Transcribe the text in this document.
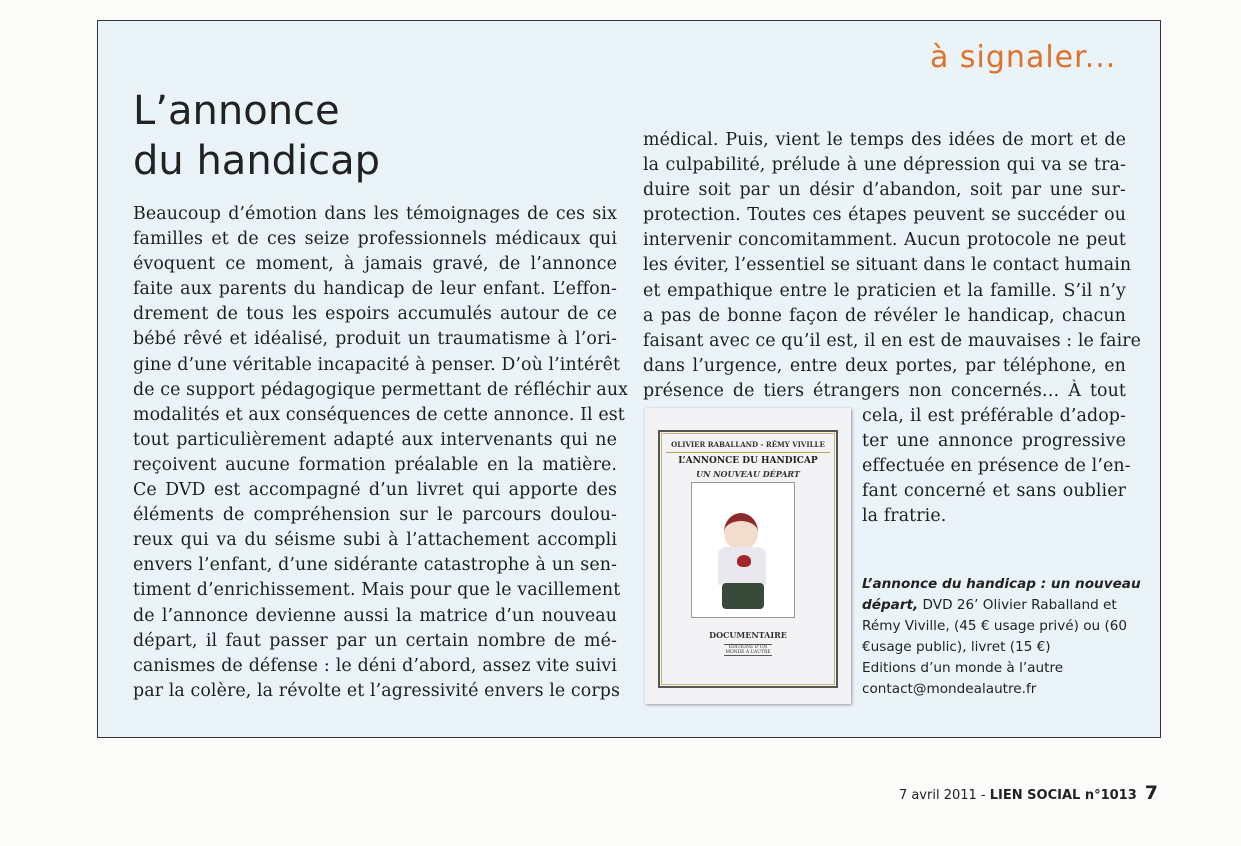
à signaler...
L’annonce
du handicap
Beaucoup d’émotion dans les témoignages de ces six
familles et de ces seize professionnels médicaux qui
évoquent ce moment, à jamais gravé, de l’annonce
faite aux parents du handicap de leur enfant. L’effon-
drement de tous les espoirs accumulés autour de ce
bébé rêvé et idéalisé, produit un traumatisme à l’ori-
gine d’une véritable incapacité à penser. D’où l’intérêt
de ce support pédagogique permettant de réfléchir aux
modalités et aux conséquences de cette annonce. Il est
tout particulièrement adapté aux intervenants qui ne
reçoivent aucune formation préalable en la matière.
Ce DVD est accompagné d’un livret qui apporte des
éléments de compréhension sur le parcours doulou-
reux qui va du séisme subi à l’attachement accompli
envers l’enfant, d’une sidérante catastrophe à un sen-
timent d’enrichissement. Mais pour que le vacillement
de l’annonce devienne aussi la matrice d’un nouveau
départ, il faut passer par un certain nombre de mé-
canismes de défense : le déni d’abord, assez vite suivi
par la colère, la révolte et l’agressivité envers le corps
médical. Puis, vient le temps des idées de mort et de
la culpabilité, prélude à une dépression qui va se tra-
duire soit par un désir d’abandon, soit par une sur-
protection. Toutes ces étapes peuvent se succéder ou
intervenir concomitamment. Aucun protocole ne peut
les éviter, l’essentiel se situant dans le contact humain
et empathique entre le praticien et la famille. S’il n’y
a pas de bonne façon de révéler le handicap, chacun
faisant avec ce qu’il est, il en est de mauvaises : le faire
dans l’urgence, entre deux portes, par téléphone, en
présence de tiers étrangers non concernés… À tout
cela, il est préférable d’adop-
ter une annonce progressive
effectuée en présence de l’en-
fant concerné et sans oublier
la fratrie.
OLIVIER RABALLAND - RÉMY VIVILLE
L’ANNONCE DU HANDICAP
UN NOUVEAU DÉPART
DOCUMENTAIRE
EDITIONS D’UN MONDE À L’AUTRE
L’annonce du handicap : un nouveau départ, DVD 26’ Olivier Raballand et Rémy Viville, (45 € usage privé) ou (60 €usage public), livret (15 €)
Editions d’un monde à l’autre
contact@mondealautre.fr
7 avril 2011 - LIEN SOCIAL n°1013 7
